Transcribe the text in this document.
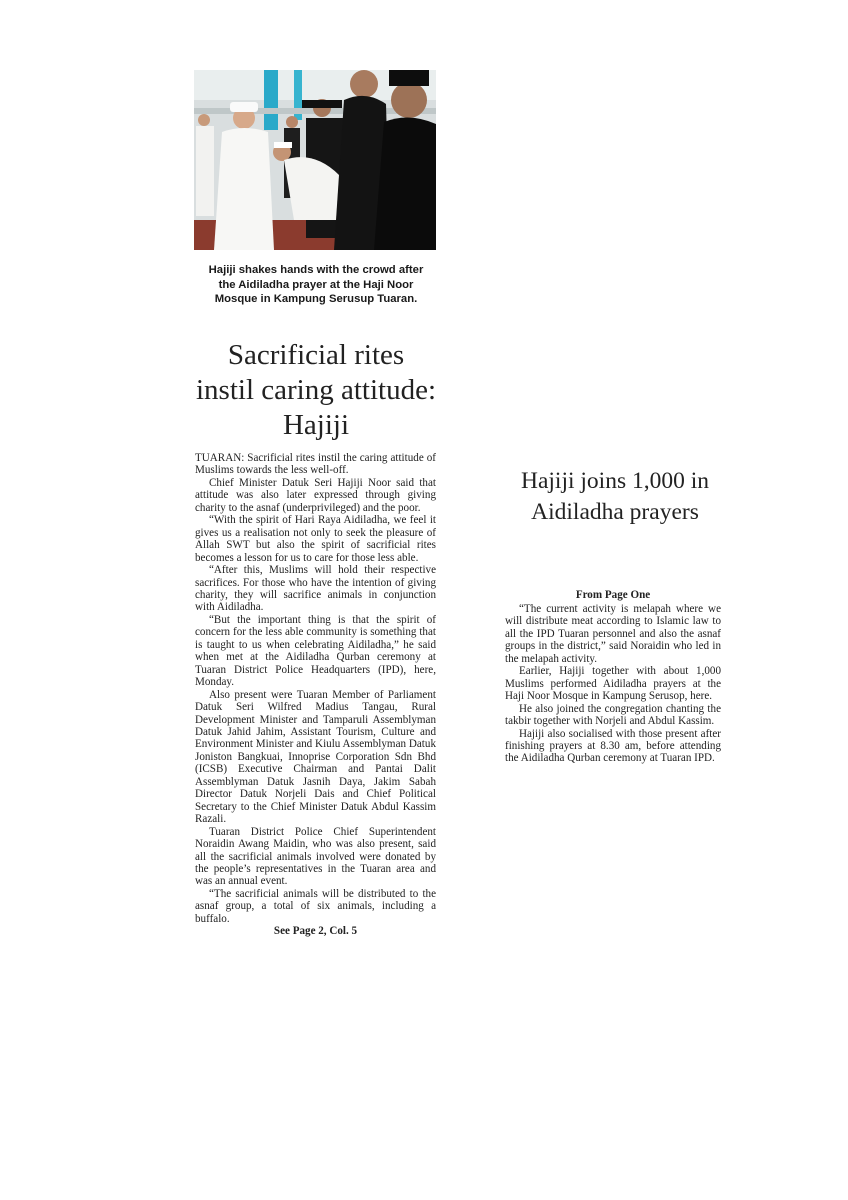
Hajiji shakes hands with the crowd after the Aidiladha prayer at the Haji Noor Mosque in Kampung Serusup Tuaran.
Sacrificial rites instil caring attitude: Hajiji

TUARAN: Sacrificial rites instil the caring attitude of Muslims towards the less well-off.

Chief Minister Datuk Seri Hajiji Noor said that attitude was also later expressed through giving charity to the asnaf (underprivileged) and the poor.

“With the spirit of Hari Raya Aidiladha, we feel it gives us a realisation not only to seek the pleasure of Allah SWT but also the spirit of sacrificial rites becomes a lesson for us to care for those less able.

“After this, Muslims will hold their respective sacrifices. For those who have the intention of giving charity, they will sacrifice animals in conjunction with Aidiladha.

“But the important thing is that the spirit of concern for the less able community is something that is taught to us when celebrating Aidiladha,” he said when met at the Aidiladha Qurban ceremony at Tuaran District Police Headquarters (IPD), here, Monday.

Also present were Tuaran Member of Parliament Datuk Seri Wilfred Madius Tangau, Rural Development Minister and Tamparuli Assemblyman Datuk Jahid Jahim, Assistant Tourism, Culture and Environment Minister and Kiulu Assemblyman Datuk Joniston Bangkuai, Innoprise Corporation Sdn Bhd (ICSB) Executive Chairman and Pantai Dalit Assemblyman Datuk Jasnih Daya, Jakim Sabah Director Datuk Norjeli Dais and Chief Political Secretary to the Chief Minister Datuk Abdul Kassim Razali.

Tuaran District Police Chief Superintendent Noraidin Awang Maidin, who was also present, said all the sacrificial animals involved were donated by the people’s representatives in the Tuaran area and was an annual event.

“The sacrificial animals will be distributed to the asnaf group, a total of six animals, including a buffalo.

See Page 2, Col. 5
Hajiji joins 1,000 in Aidiladha prayers
From Page One

“The current activity is melapah where we will distribute meat according to Islamic law to all the IPD Tuaran personnel and also the asnaf groups in the district,” said Noraidin who led in the melapah activity.

Earlier, Hajiji together with about 1,000 Muslims performed Aidiladha prayers at the Haji Noor Mosque in Kampung Serusop, here.

He also joined the congregation chanting the takbir together with Norjeli and Abdul Kassim.

Hajiji also socialised with those present after finishing prayers at 8.30 am, before attending the Aidiladha Qurban ceremony at Tuaran IPD.
